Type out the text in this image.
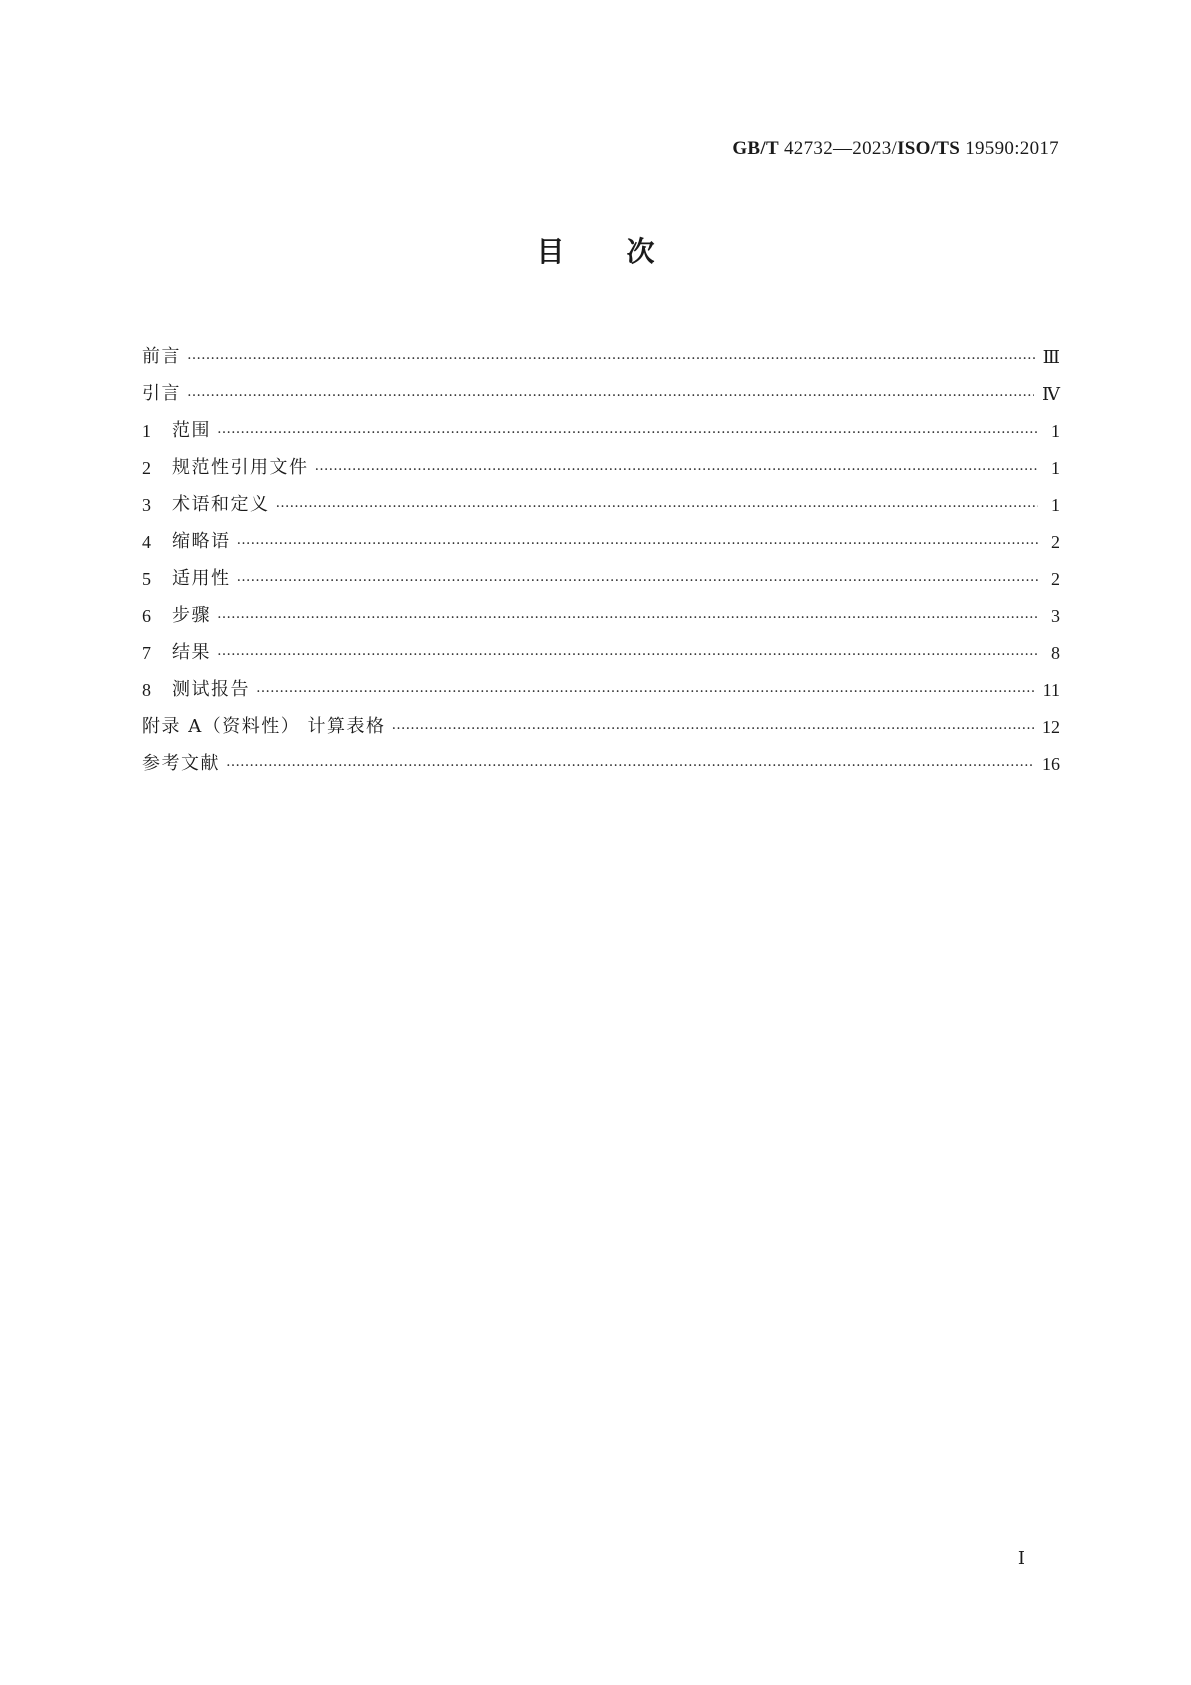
GB/T 42732—2023/ISO/TS 19590:2017
目 次
前言 ……………………………………………………………………………………………………………………………………………………………………………………………………………………………………	Ⅲ
引言 ……………………………………………………………………………………………………………………………………………………………………………………………………………………………………	Ⅳ
1	范围 ……………………………………………………………………………………………………………………………………………………………………………………………………………………………………	1
2	规范性引用文件 ……………………………………………………………………………………………………………………………………………………………………………………………………………………………………	1
3	术语和定义 ……………………………………………………………………………………………………………………………………………………………………………………………………………………………………	1
4	缩略语 ……………………………………………………………………………………………………………………………………………………………………………………………………………………………………	2
5	适用性 ……………………………………………………………………………………………………………………………………………………………………………………………………………………………………	2
6	步骤 ……………………………………………………………………………………………………………………………………………………………………………………………………………………………………	3
7	结果 ……………………………………………………………………………………………………………………………………………………………………………………………………………………………………	8
8	测试报告 ……………………………………………………………………………………………………………………………………………………………………………………………………………………………………	11
附录 A（资料性） 计算表格 ……………………………………………………………………………………………………………………………………………………………………………………………………………………………………	12
参考文献 ……………………………………………………………………………………………………………………………………………………………………………………………………………………………………	16
Ⅰ
